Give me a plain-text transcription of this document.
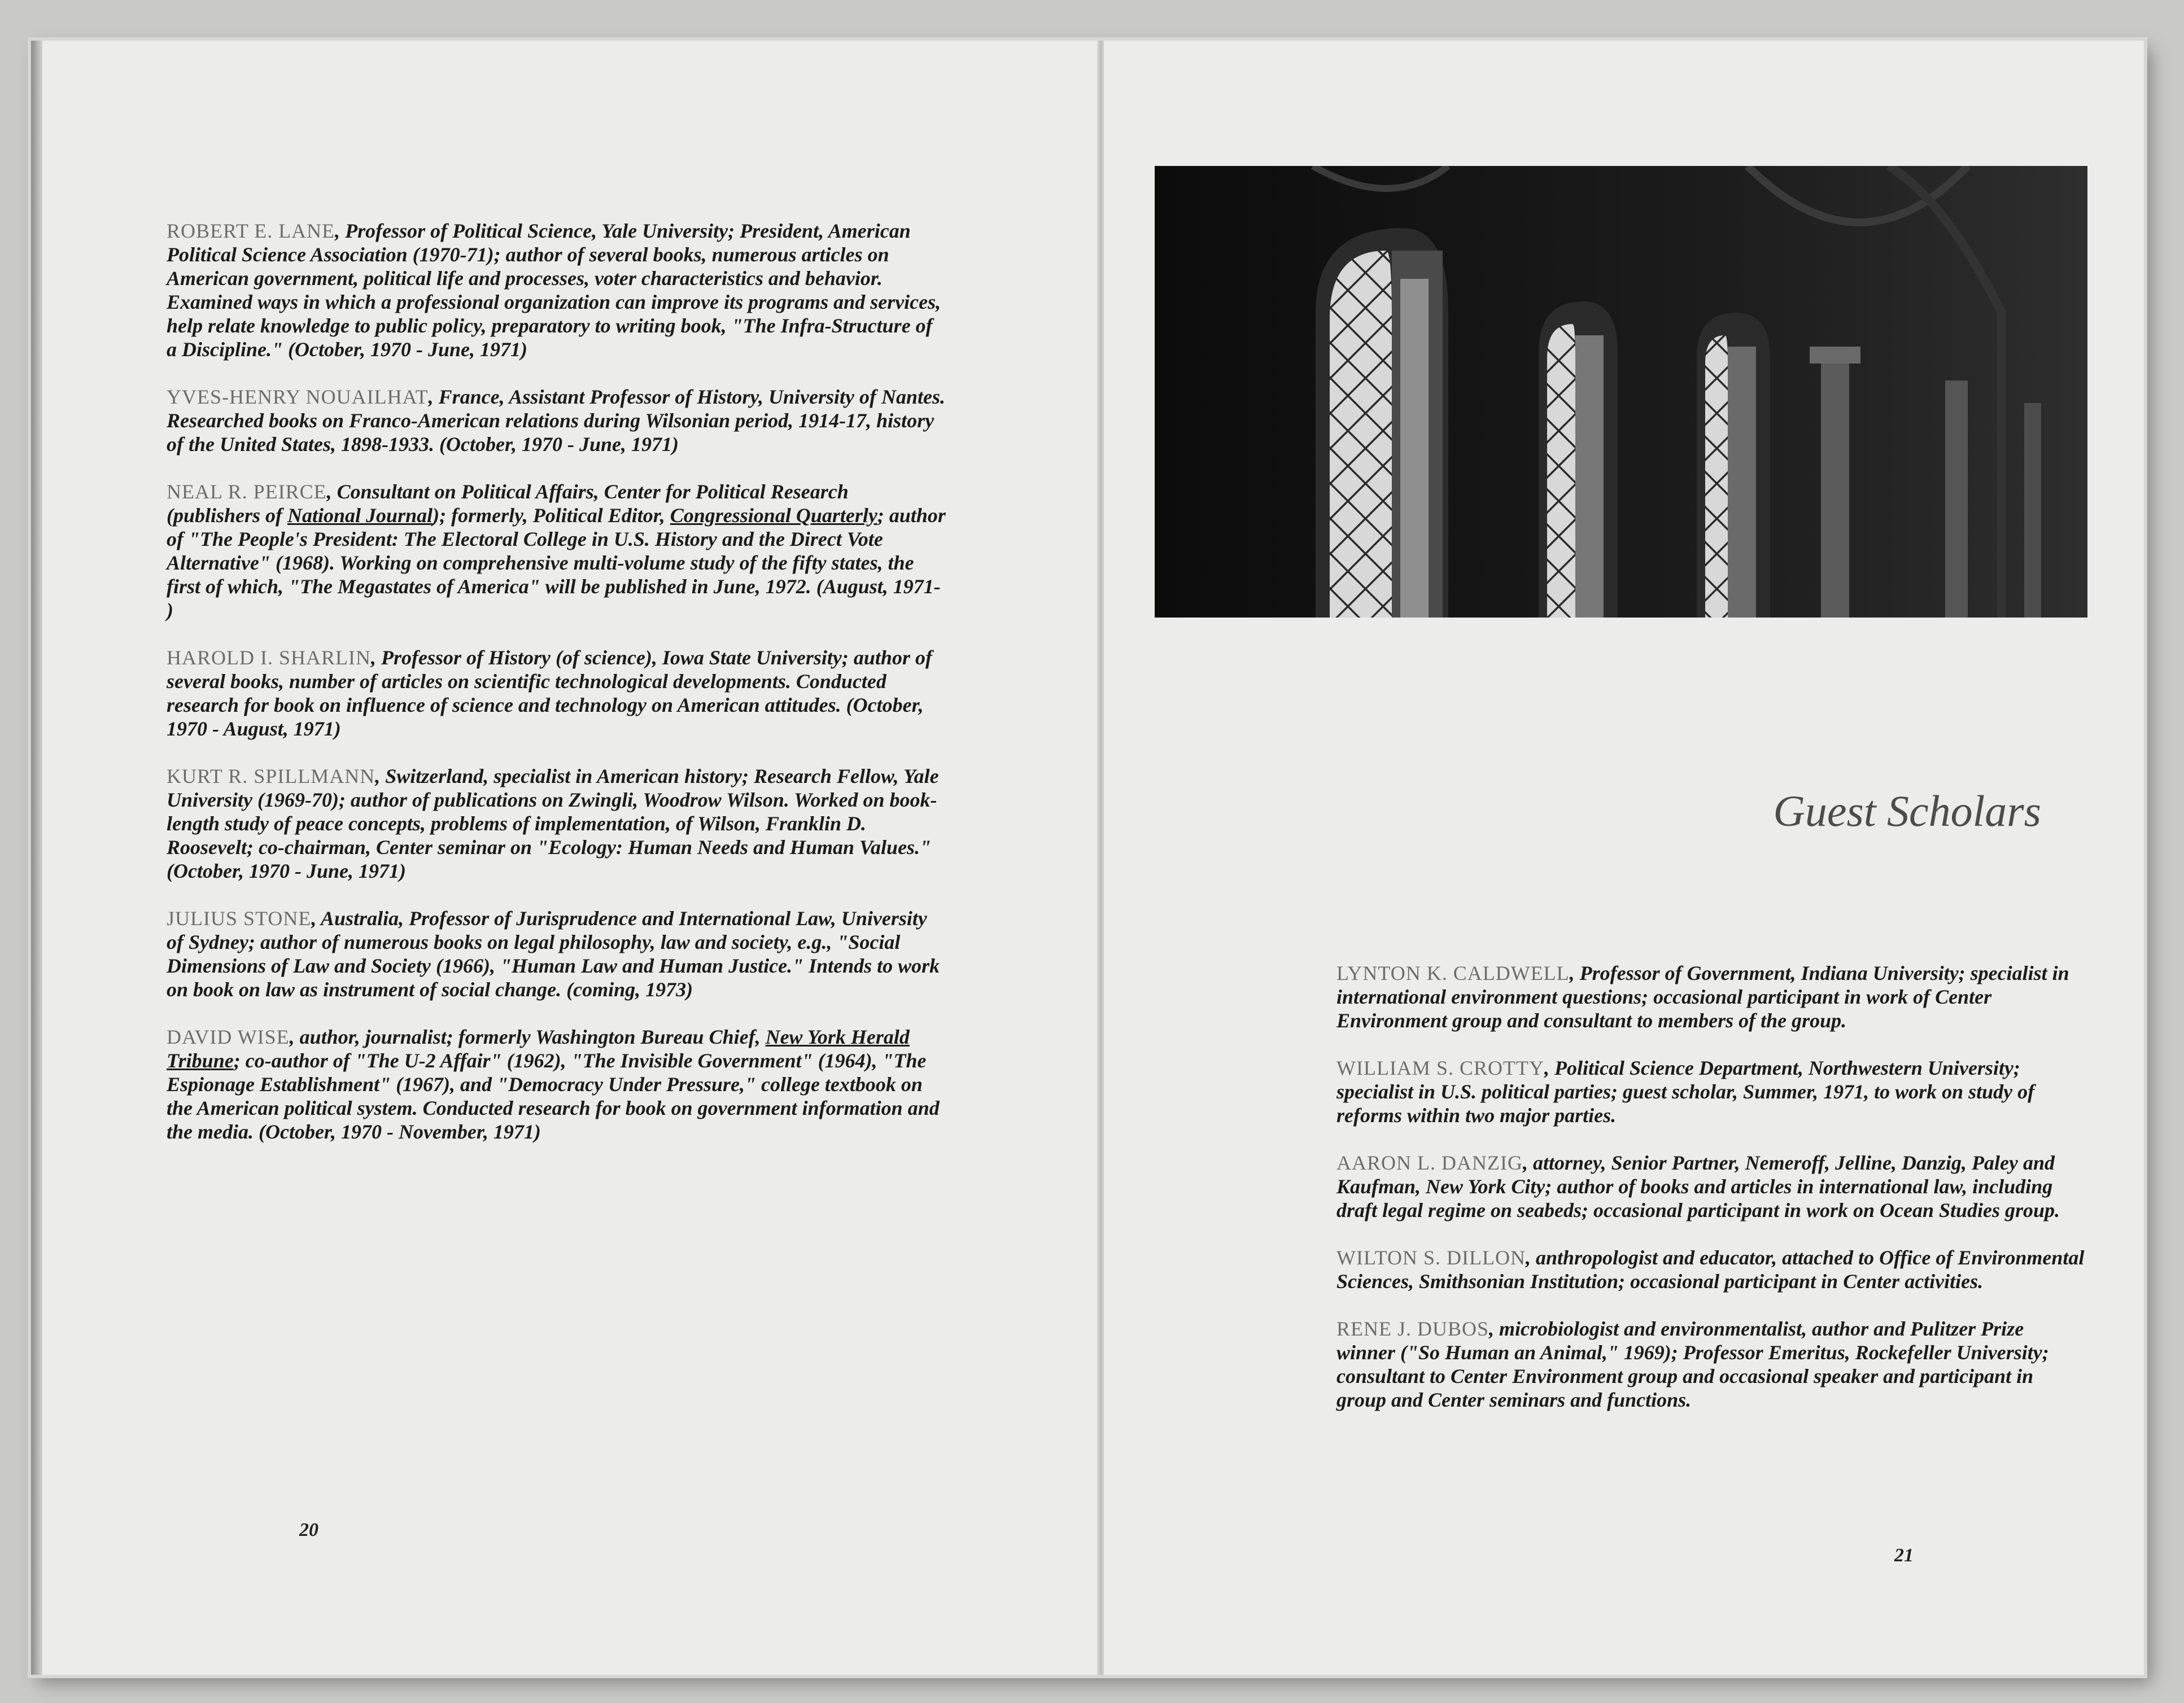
ROBERT E. LANE, Professor of Political Science, Yale University; President, American Political Science Association (1970-71); author of several books, numerous articles on American government, political life and processes, voter characteristics and behavior. Examined ways in which a professional organization can improve its programs and services, help relate knowledge to public policy, preparatory to writing book, "The Infra-Structure of a Discipline." (October, 1970 - June, 1971)

YVES-HENRY NOUAILHAT, France, Assistant Professor of History, University of Nantes. Researched books on Franco-American relations during Wilsonian period, 1914-17, history of the United States, 1898-1933. (October, 1970 - June, 1971)

NEAL R. PEIRCE, Consultant on Political Affairs, Center for Political Research (publishers of National Journal); formerly, Political Editor, Congressional Quarterly; author of "The People's President: The Electoral College in U.S. History and the Direct Vote Alternative" (1968). Working on comprehensive multi-volume study of the fifty states, the first of which, "The Megastates of America" will be published in June, 1972. (August, 1971- )

HAROLD I. SHARLIN, Professor of History (of science), Iowa State University; author of several books, number of articles on scientific technological developments. Conducted research for book on influence of science and technology on American attitudes. (October, 1970 - August, 1971)

KURT R. SPILLMANN, Switzerland, specialist in American history; Research Fellow, Yale University (1969-70); author of publications on Zwingli, Woodrow Wilson. Worked on book-length study of peace concepts, problems of implementation, of Wilson, Franklin D. Roosevelt; co-chairman, Center seminar on "Ecology: Human Needs and Human Values." (October, 1970 - June, 1971)

JULIUS STONE, Australia, Professor of Jurisprudence and International Law, University of Sydney; author of numerous books on legal philosophy, law and society, e.g., "Social Dimensions of Law and Society (1966), "Human Law and Human Justice." Intends to work on book on law as instrument of social change. (coming, 1973)

DAVID WISE, author, journalist; formerly Washington Bureau Chief, New York Herald Tribune; co-author of "The U-2 Affair" (1962), "The Invisible Government" (1964), "The Espionage Establishment" (1967), and "Democracy Under Pressure," college textbook on the American political system. Conducted research for book on government information and the media. (October, 1970 - November, 1971)

20
Guest Scholars

LYNTON K. CALDWELL, Professor of Government, Indiana University; specialist in international environment questions; occasional participant in work of Center Environment group and consultant to members of the group.

WILLIAM S. CROTTY, Political Science Department, Northwestern University; specialist in U.S. political parties; guest scholar, Summer, 1971, to work on study of reforms within two major parties.

AARON L. DANZIG, attorney, Senior Partner, Nemeroff, Jelline, Danzig, Paley and Kaufman, New York City; author of books and articles in international law, including draft legal regime on seabeds; occasional participant in work on Ocean Studies group.

WILTON S. DILLON, anthropologist and educator, attached to Office of Environmental Sciences, Smithsonian Institution; occasional participant in Center activities.

RENE J. DUBOS, microbiologist and environmentalist, author and Pulitzer Prize winner ("So Human an Animal," 1969); Professor Emeritus, Rockefeller University; consultant to Center Environment group and occasional speaker and participant in group and Center seminars and functions.

21
